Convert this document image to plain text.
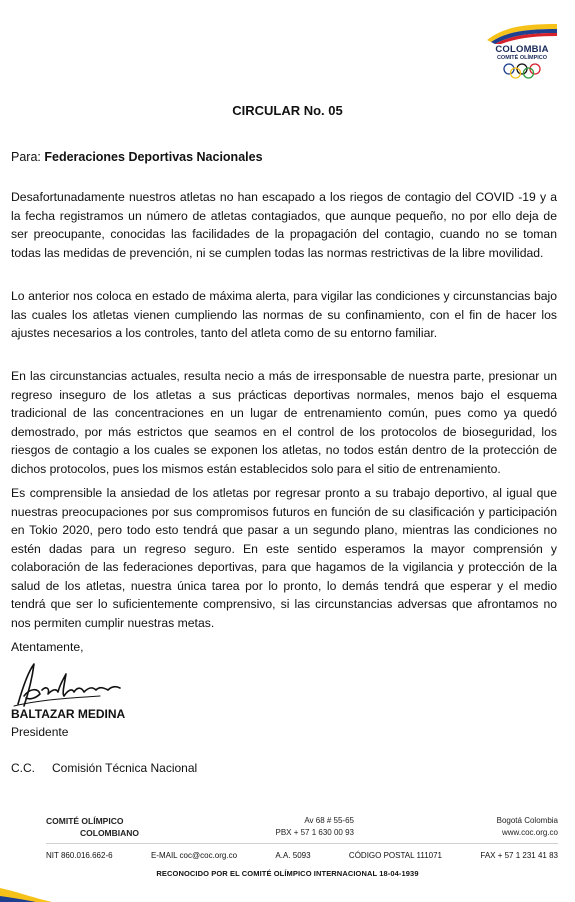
COLOMBIA
COMITÉ OLÍMPICO
CIRCULAR No. 05
Para: Federaciones Deportivas Nacionales

Desafortunadamente nuestros atletas no han escapado a los riegos de contagio del COVID -19 y a la fecha registramos un número de atletas contagiados, que aunque pequeño, no por ello deja de ser preocupante, conocidas las facilidades de la propagación del contagio, cuando no se toman todas las medidas de prevención, ni se cumplen todas las normas restrictivas de la libre movilidad.

Lo anterior nos coloca en estado de máxima alerta, para vigilar las condiciones y circunstancias bajo las cuales los atletas vienen cumpliendo las normas de su confinamiento, con el fin de hacer los ajustes necesarios a los controles, tanto del atleta como de su entorno familiar.

En las circunstancias actuales, resulta necio a más de irresponsable de nuestra parte, presionar un regreso inseguro de los atletas a sus prácticas deportivas normales, menos bajo el esquema tradicional de las concentraciones en un lugar de entrenamiento común, pues como ya quedó demostrado, por más estrictos que seamos en el control de los protocolos de bioseguridad, los riesgos de contagio a los cuales se exponen los atletas, no todos están dentro de la protección de dichos protocolos, pues los mismos están establecidos solo para el sitio de entrenamiento.

Es comprensible la ansiedad de los atletas por regresar pronto a su trabajo deportivo, al igual que nuestras preocupaciones por sus compromisos futuros en función de su clasificación y participación en Tokio 2020, pero todo esto tendrá que pasar a un segundo plano, mientras las condiciones no estén dadas para un regreso seguro. En este sentido esperamos la mayor comprensión y colaboración de las federaciones deportivas, para que hagamos de la vigilancia y protección de la salud de los atletas, nuestra única tarea por lo pronto, lo demás tendrá que esperar y el medio tendrá que ser lo suficientemente comprensivo, si las circunstancias adversas que afrontamos no nos permiten cumplir nuestras metas.

Atentamente,
BALTAZAR MEDINA
Presidente
C.C. Comisión Técnica Nacional
COMITÉ OLÍMPICO
COLOMBIANO
Av 68 # 55-65
PBX + 57 1 630 00 93
Bogotá Colombia
www.coc.org.co
NIT 860.016.662-6	E-MAIL coc@coc.org.co	A.A. 5093	CÓDIGO POSTAL 111071	FAX + 57 1 231 41 83
RECONOCIDO POR EL COMITÉ OLÍMPICO INTERNACIONAL 18-04-1939
